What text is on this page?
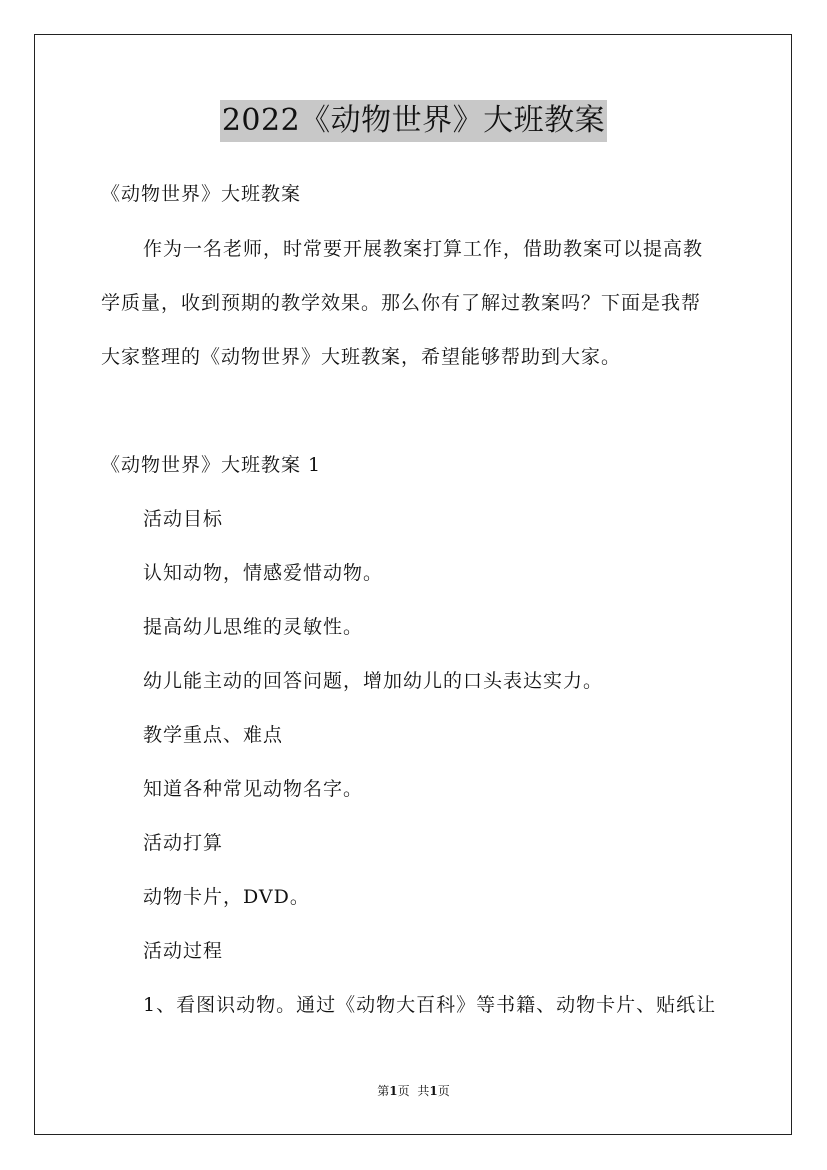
2022《动物世界》大班教案
《动物世界》大班教案
作为一名老师，时常要开展教案打算工作，借助教案可以提高教
学质量，收到预期的教学效果。那么你有了解过教案吗？下面是我帮
大家整理的《动物世界》大班教案，希望能够帮助到大家。
《动物世界》大班教案 1
活动目标
认知动物，情感爱惜动物。
提高幼儿思维的灵敏性。
幼儿能主动的回答问题，增加幼儿的口头表达实力。
教学重点、难点
知道各种常见动物名字。
活动打算
动物卡片，DVD。
活动过程
1、看图识动物。通过《动物大百科》等书籍、动物卡片、贴纸让
第1页 共1页
